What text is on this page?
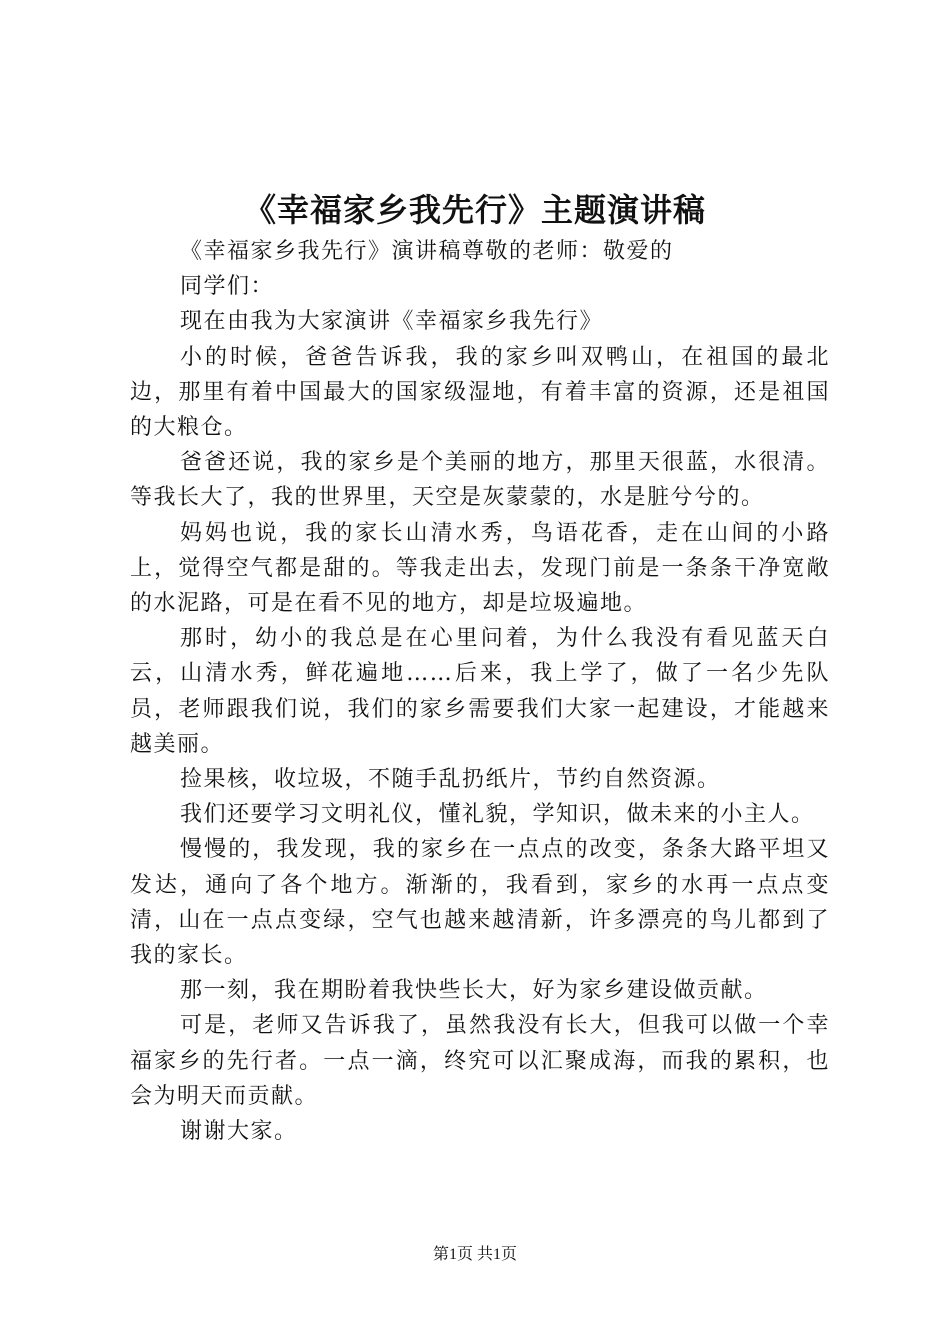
《幸福家乡我先行》主题演讲稿

《幸福家乡我先行》演讲稿尊敬的老师：敬爱的

同学们：

现在由我为大家演讲《幸福家乡我先行》

小的时候，爸爸告诉我，我的家乡叫双鸭山，在祖国的最北边，那里有着中国最大的国家级湿地，有着丰富的资源，还是祖国的大粮仓。

爸爸还说，我的家乡是个美丽的地方，那里天很蓝，水很清。等我长大了，我的世界里，天空是灰蒙蒙的，水是脏兮兮的。

妈妈也说，我的家长山清水秀，鸟语花香，走在山间的小路上，觉得空气都是甜的。等我走出去，发现门前是一条条干净宽敞的水泥路，可是在看不见的地方，却是垃圾遍地。

那时，幼小的我总是在心里问着，为什么我没有看见蓝天白云，山清水秀，鲜花遍地……后来，我上学了，做了一名少先队员，老师跟我们说，我们的家乡需要我们大家一起建设，才能越来越美丽。

捡果核，收垃圾，不随手乱扔纸片，节约自然资源。

我们还要学习文明礼仪，懂礼貌，学知识，做未来的小主人。

慢慢的，我发现，我的家乡在一点点的改变，条条大路平坦又发达，通向了各个地方。渐渐的，我看到，家乡的水再一点点变清，山在一点点变绿，空气也越来越清新，许多漂亮的鸟儿都到了我的家长。

那一刻，我在期盼着我快些长大，好为家乡建设做贡献。

可是，老师又告诉我了，虽然我没有长大，但我可以做一个幸福家乡的先行者。一点一滴，终究可以汇聚成海，而我的累积，也会为明天而贡献。

谢谢大家。

第1页 共1页
